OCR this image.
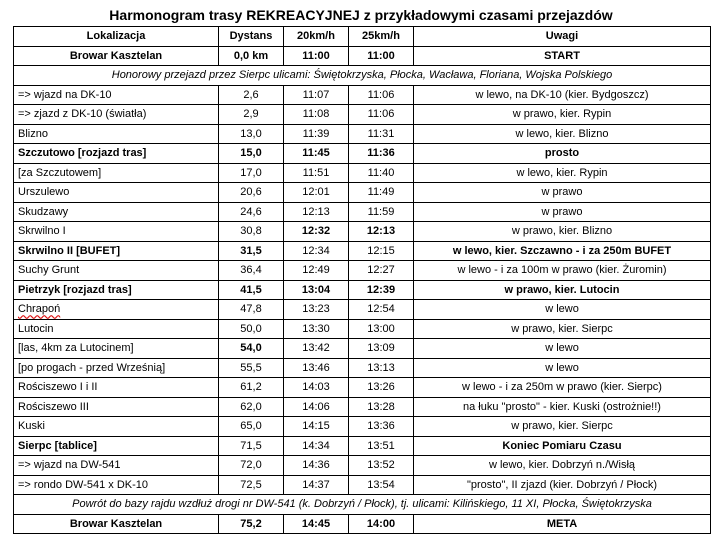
Harmonogram trasy REKREACYJNEJ z przykładowymi czasami przejazdów
Lokalizacja	Dystans	20km/h	25km/h	Uwagi
Browar Kasztelan	0,0 km	11:00	11:00	START
Honorowy przejazd przez Sierpc ulicami: Świętokrzyska, Płocka, Wacława, Floriana, Wojska Polskiego				
=> wjazd na DK-10	2,6	11:07	11:06	w lewo, na DK-10 (kier. Bydgoszcz)
=> zjazd z DK-10 (światła)	2,9	11:08	11:06	w prawo, kier. Rypin
Blizno	13,0	11:39	11:31	w lewo, kier. Blizno
Szczutowo [rozjazd tras]	15,0	11:45	11:36	prosto
[za Szczutowem]	17,0	11:51	11:40	w lewo, kier. Rypin
Urszulewo	20,6	12:01	11:49	w prawo
Skudzawy	24,6	12:13	11:59	w prawo
Skrwilno I	30,8	12:32	12:13	w prawo, kier. Blizno
Skrwilno II [BUFET]	31,5	12:34	12:15	w lewo, kier. Szczawno - i za 250m BUFET
Suchy Grunt	36,4	12:49	12:27	w lewo - i za 100m w prawo (kier. Żuromin)
Pietrzyk [rozjazd tras]	41,5	13:04	12:39	w prawo, kier. Lutocin
Chrapoń	47,8	13:23	12:54	w lewo
Lutocin	50,0	13:30	13:00	w prawo, kier. Sierpc
[las, 4km za Lutocinem]	54,0	13:42	13:09	w lewo
[po progach - przed Wrześnią]	55,5	13:46	13:13	w lewo
Rościszewo I i II	61,2	14:03	13:26	w lewo - i za 250m w prawo (kier. Sierpc)
Rościszewo III	62,0	14:06	13:28	na łuku "prosto" - kier. Kuski (ostrożnie!!)
Kuski	65,0	14:15	13:36	w prawo, kier. Sierpc
Sierpc [tablice]	71,5	14:34	13:51	Koniec Pomiaru Czasu
=> wjazd na DW-541	72,0	14:36	13:52	w lewo, kier. Dobrzyń n./Wisłą
=> rondo DW-541 x DK-10	72,5	14:37	13:54	"prosto", II zjazd (kier. Dobrzyń / Płock)
Powrót do bazy rajdu wzdłuż drogi nr DW-541 (k. Dobrzyń / Płock), tj. ulicami: Kilińskiego, 11 XI, Płocka, Świętokrzyska				
Browar Kasztelan	75,2	14:45	14:00	META
